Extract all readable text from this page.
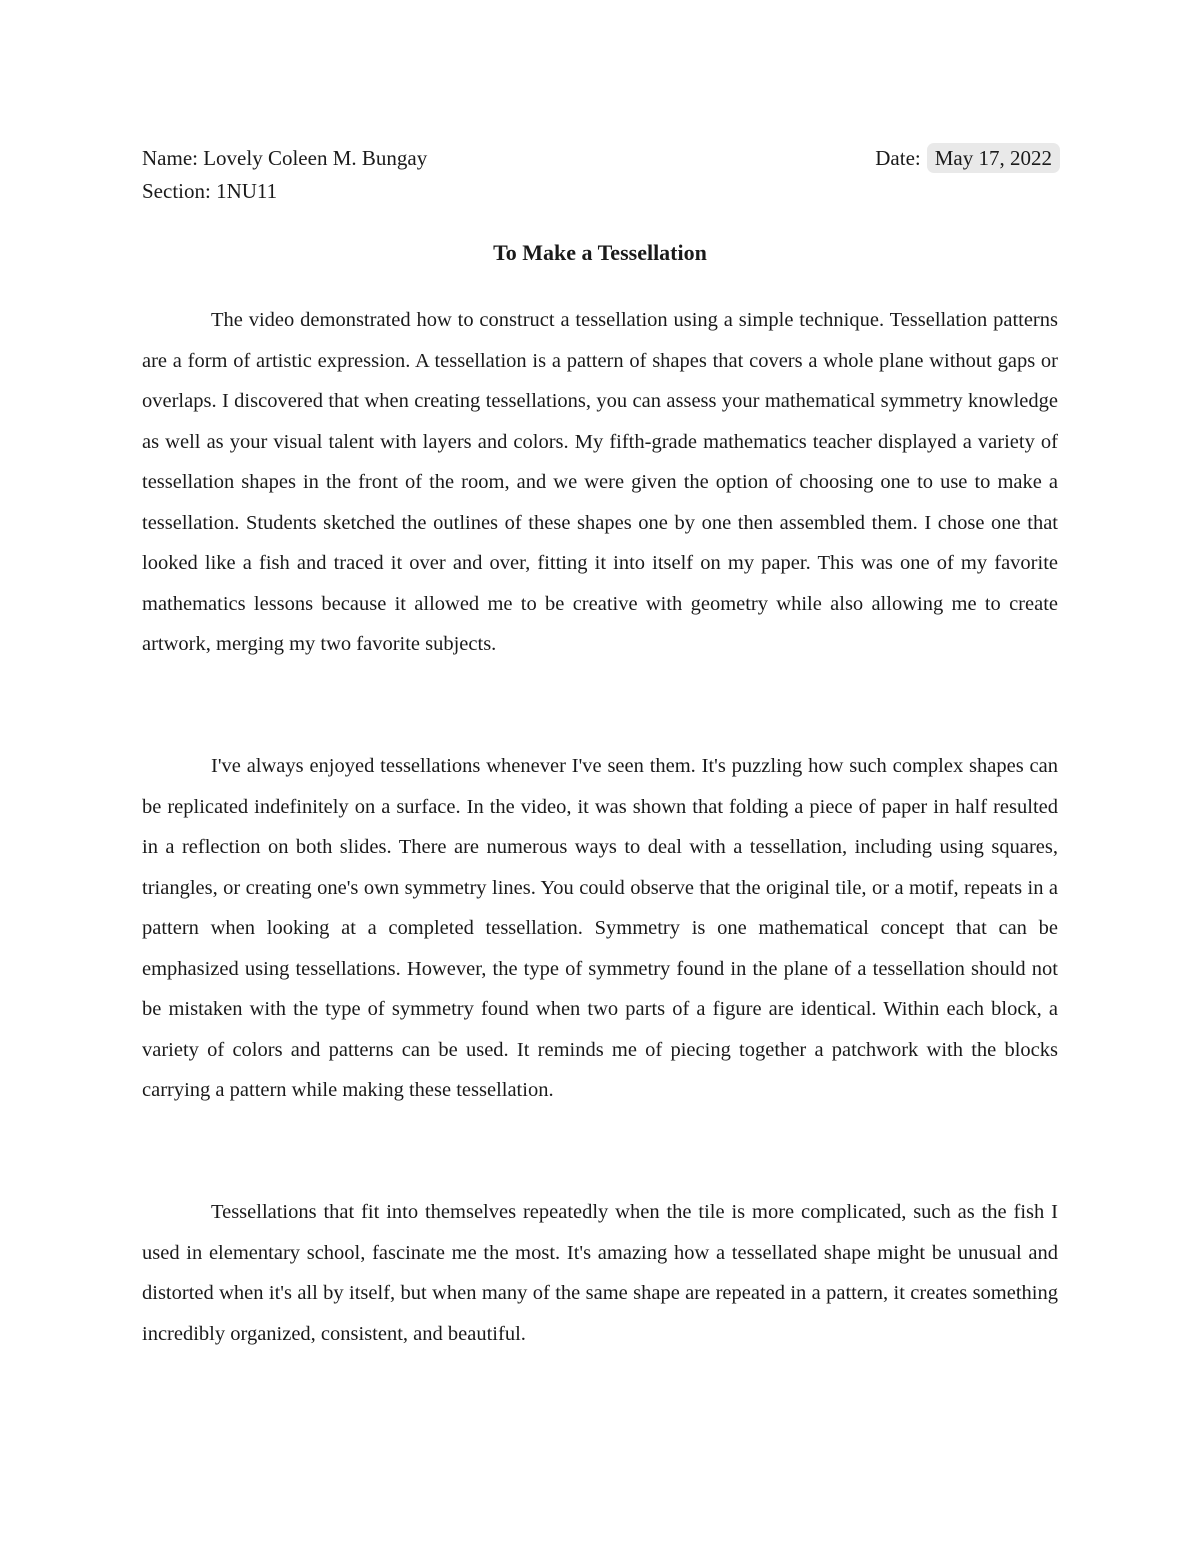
Name: Lovely Coleen M. Bungay	Date: May 17, 2022
Section: 1NU11
To Make a Tessellation

The video demonstrated how to construct a tessellation using a simple technique. Tessellation patterns are a form of artistic expression. A tessellation is a pattern of shapes that covers a whole plane without gaps or overlaps. I discovered that when creating tessellations, you can assess your mathematical symmetry knowledge as well as your visual talent with layers and colors. My fifth-grade mathematics teacher displayed a variety of tessellation shapes in the front of the room, and we were given the option of choosing one to use to make a tessellation. Students sketched the outlines of these shapes one by one then assembled them. I chose one that looked like a fish and traced it over and over, fitting it into itself on my paper. This was one of my favorite mathematics lessons because it allowed me to be creative with geometry while also allowing me to create artwork, merging my two favorite subjects.

I've always enjoyed tessellations whenever I've seen them. It's puzzling how such complex shapes can be replicated indefinitely on a surface. In the video, it was shown that folding a piece of paper in half resulted in a reflection on both slides. There are numerous ways to deal with a tessellation, including using squares, triangles, or creating one's own symmetry lines. You could observe that the original tile, or a motif, repeats in a pattern when looking at a completed tessellation. Symmetry is one mathematical concept that can be emphasized using tessellations. However, the type of symmetry found in the plane of a tessellation should not be mistaken with the type of symmetry found when two parts of a figure are identical. Within each block, a variety of colors and patterns can be used. It reminds me of piecing together a patchwork with the blocks carrying a pattern while making these tessellation.

Tessellations that fit into themselves repeatedly when the tile is more complicated, such as the fish I used in elementary school, fascinate me the most. It's amazing how a tessellated shape might be unusual and distorted when it's all by itself, but when many of the same shape are repeated in a pattern, it creates something incredibly organized, consistent, and beautiful.
